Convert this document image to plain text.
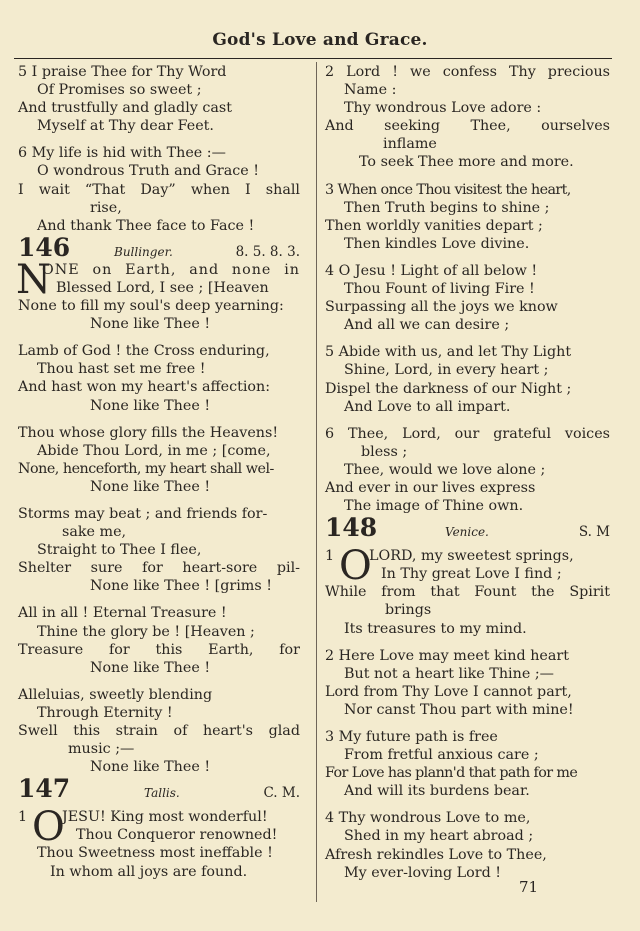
God's Love and Grace.
5 I praise Thee for Thy Word
Of Promises so sweet ;
And trustfully and gladly cast
Myself at Thy dear Feet.
6 My life is hid with Thee :—
O wondrous Truth and Grace !
I wait “That Day” when I shall
rise,
And thank Thee face to Face !
146	Bullinger.	8. 5. 8. 3.
N
ONE on Earth, and none in
Blessed Lord, I see ; [Heaven
None to fill my soul's deep yearning:
None like Thee !
Lamb of God ! the Cross enduring,
Thou hast set me free !
And hast won my heart's affection:
None like Thee !
Thou whose glory fills the Heavens!
Abide Thou Lord, in me ; [come,
None, henceforth, my heart shall wel-
None like Thee !
Storms may beat ; and friends for-
sake me,
Straight to Thee I flee,
Shelter sure for heart-sore pil-
None like Thee ! [grims !
All in all ! Eternal Treasure !
Thine the glory be ! [Heaven ;
Treasure for this Earth, for
None like Thee !
Alleluias, sweetly blending
Through Eternity !
Swell this strain of heart's glad
music ;—
None like Thee !
147	Tallis.	C. M.
1 O
JESU! King most wonderful!
Thou Conqueror renowned!
Thou Sweetness most ineffable !
In whom all joys are found.
2 Lord ! we confess Thy precious
Name :
Thy wondrous Love adore :
And seeking Thee, ourselves
inflame
To seek Thee more and more.
3 When once Thou visitest the heart,
Then Truth begins to shine ;
Then worldly vanities depart ;
Then kindles Love divine.
4 O Jesu ! Light of all below !
Thou Fount of living Fire !
Surpassing all the joys we know
And all we can desire ;
5 Abide with us, and let Thy Light
Shine, Lord, in every heart ;
Dispel the darkness of our Night ;
And Love to all impart.
6 Thee, Lord, our grateful voices
bless ;
Thee, would we love alone ;
And ever in our lives express
The image of Thine own.
148	Venice.	S. M
1 O
LORD, my sweetest springs,
In Thy great Love I find ;
While from that Fount the Spirit
brings
Its treasures to my mind.
2 Here Love may meet kind heart
But not a heart like Thine ;—
Lord from Thy Love I cannot part,
Nor canst Thou part with mine!
3 My future path is free
From fretful anxious care ;
For Love has plann'd that path for me
And will its burdens bear.
4 Thy wondrous Love to me,
Shed in my heart abroad ;
Afresh rekindles Love to Thee,
My ever-loving Lord !
71
